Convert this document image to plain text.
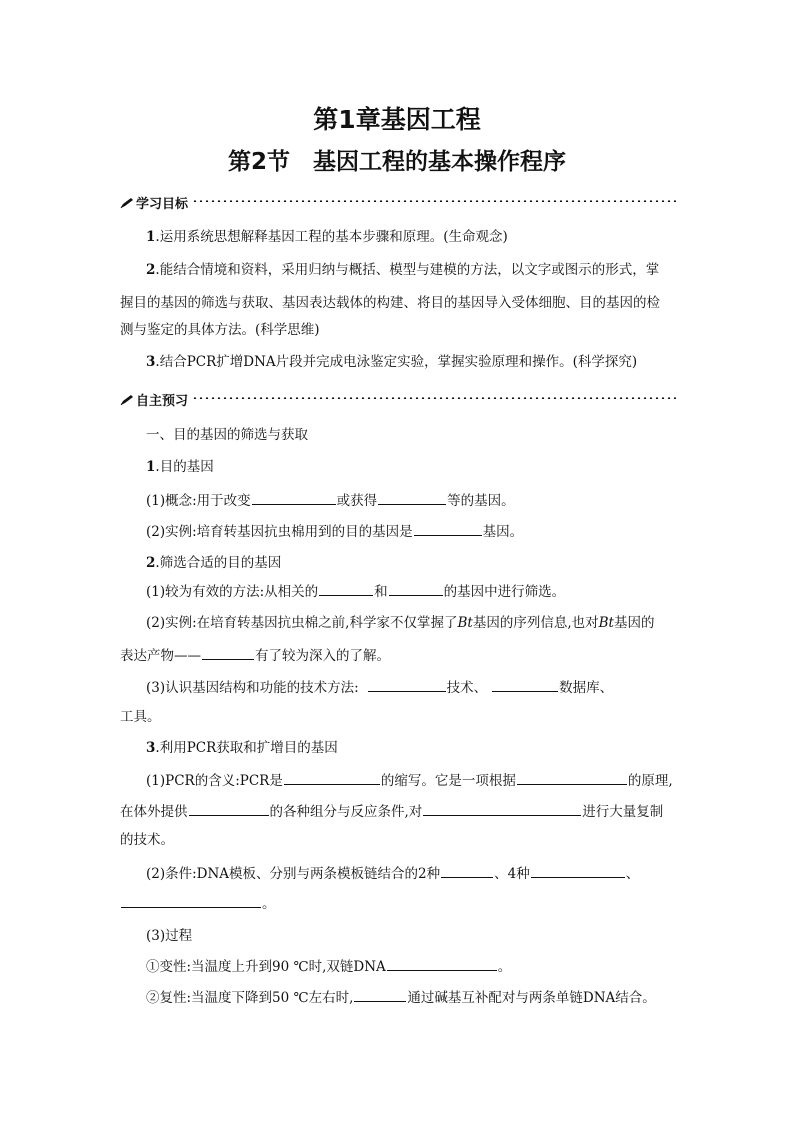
第1章基因工程
第2节　基因工程的基本操作程序
学习目标
1.运用系统思想解释基因工程的基本步骤和原理。(生命观念)
2.能结合情境和资料，采用归纳与概括、模型与建模的方法，以文字或图示的形式，掌
握目的基因的筛选与获取、基因表达载体的构建、将目的基因导入受体细胞、目的基因的检
测与鉴定的具体方法。(科学思维)
3.结合PCR扩增DNA片段并完成电泳鉴定实验，掌握实验原理和操作。(科学探究)
自主预习
一、目的基因的筛选与获取
1.目的基因
(1)概念:用于改变	或获得	等的基因。
(2)实例:培育转基因抗虫棉用到的目的基因是	基因。
2.筛选合适的目的基因
(1)较为有效的方法:从相关的	和	的基因中进行筛选。
(2)实例:在培育转基因抗虫棉之前,科学家不仅掌握了Bt基因的序列信息,也对Bt基因的
表达产物——	有了较为深入的了解。
(3)认识基因结构和功能的技术方法:	技术、	数据库、
工具。
3.利用PCR获取和扩增目的基因
(1)PCR的含义:PCR是	的缩写。它是一项根据	的原理,
在体外提供	的各种组分与反应条件,对	进行大量复制
的技术。
(2)条件:DNA模板、分别与两条模板链结合的2种	、4种	、
。
(3)过程
①变性:当温度上升到90 ℃时,双链DNA	。
②复性:当温度下降到50 ℃左右时,	通过碱基互补配对与两条单链DNA结合。
